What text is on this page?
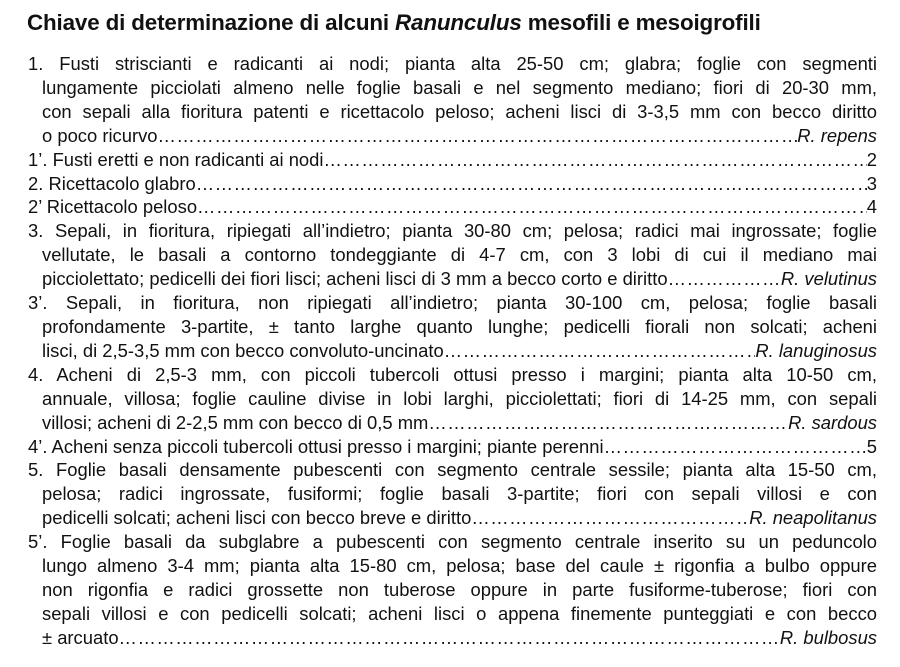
Chiave di determinazione di alcuni Ranunculus mesofili e mesoigrofili
1. Fusti striscianti e radicanti ai nodi; pianta alta 25-50 cm; glabra; foglie con segmenti
lungamente picciolati almeno nelle foglie basali e nel segmento mediano; fiori di 20-30 mm,
con sepali alla fioritura patenti e ricettacolo peloso; acheni lisci di 3-3,5 mm con becco diritto
o poco ricurvo ……………………………………………………………………………………………………………………………………………………………………	R. repens
1’. Fusti eretti e non radicanti ai nodi ……………………………………………………………………………………………………………………………………………………………………	2
2. Ricettacolo glabro ……………………………………………………………………………………………………………………………………………………………………	3
2’ Ricettacolo peloso ……………………………………………………………………………………………………………………………………………………………………	4
3. Sepali, in fioritura, ripiegati all’indietro; pianta 30-80 cm; pelosa; radici mai ingrossate; foglie
vellutate, le basali a contorno tondeggiante di 4-7 cm, con 3 lobi di cui il mediano mai
picciolettato; pedicelli dei fiori lisci; acheni lisci di 3 mm a becco corto e diritto ……………………………………………………………………………………………………………………………………………………………………	R. velutinus
3’. Sepali, in fioritura, non ripiegati all’indietro; pianta 30-100 cm, pelosa; foglie basali
profondamente 3-partite, ± tanto larghe quanto lunghe; pedicelli fiorali non solcati; acheni
lisci, di 2,5-3,5 mm con becco convoluto-uncinato ……………………………………………………………………………………………………………………………………………………………………	R. lanuginosus
4. Acheni di 2,5-3 mm, con piccoli tubercoli ottusi presso i margini; pianta alta 10-50 cm,
annuale, villosa; foglie cauline divise in lobi larghi, picciolettati; fiori di 14-25 mm, con sepali
villosi; acheni di 2-2,5 mm con becco di 0,5 mm ……………………………………………………………………………………………………………………………………………………………………	R. sardous
4’. Acheni senza piccoli tubercoli ottusi presso i margini; piante perenni ……………………………………………………………………………………………………………………………………………………………………	5
5. Foglie basali densamente pubescenti con segmento centrale sessile; pianta alta 15-50 cm,
pelosa; radici ingrossate, fusiformi; foglie basali 3-partite; fiori con sepali villosi e con
pedicelli solcati; acheni lisci con becco breve e diritto ……………………………………………………………………………………………………………………………………………………………………	R. neapolitanus
5’. Foglie basali da subglabre a pubescenti con segmento centrale inserito su un peduncolo
lungo almeno 3-4 mm; pianta alta 15-80 cm, pelosa; base del caule ± rigonfia a bulbo oppure
non rigonfia e radici grossette non tuberose oppure in parte fusiforme-tuberose; fiori con
sepali villosi e con pedicelli solcati; acheni lisci o appena finemente punteggiati e con becco
± arcuato ……………………………………………………………………………………………………………………………………………………………………	R. bulbosus
